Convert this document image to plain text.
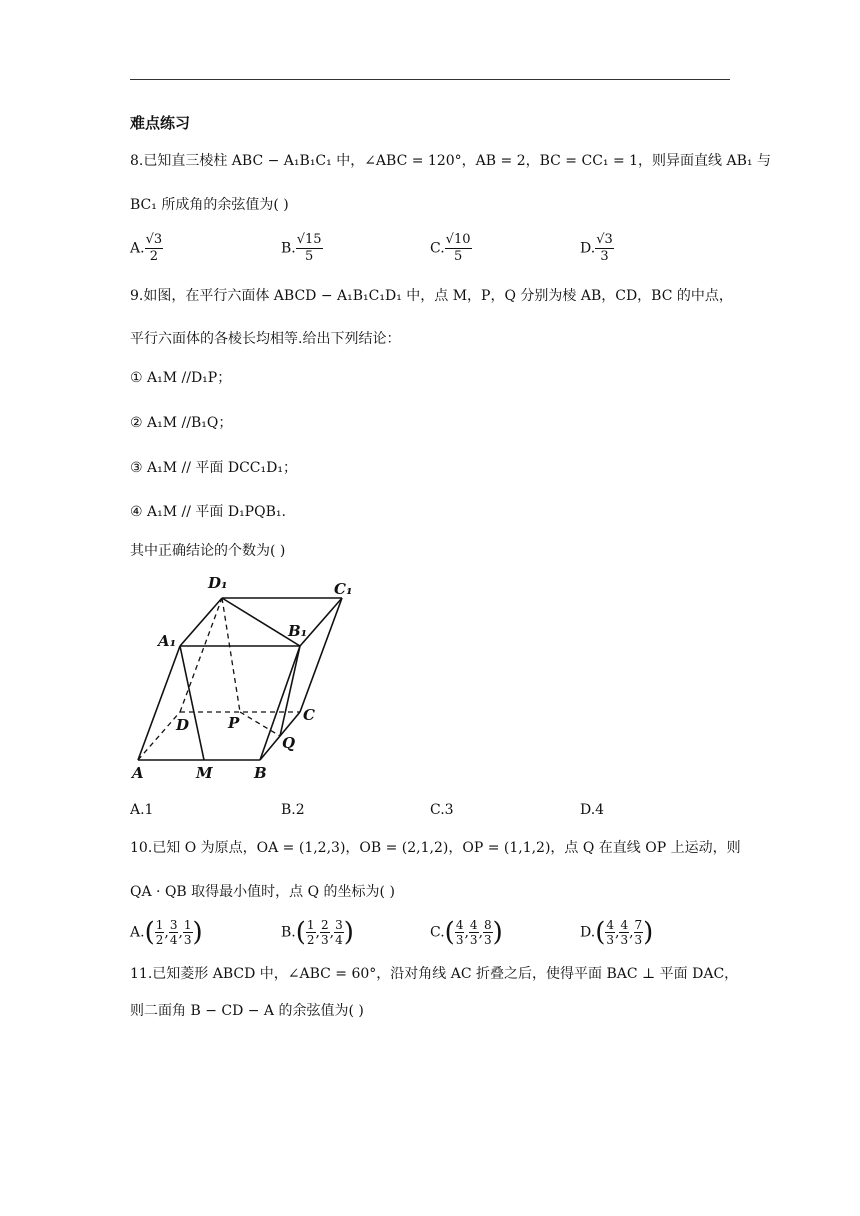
难点练习
8.已知直三棱柱 ABC − A₁B₁C₁ 中，∠ABC = 120°，AB = 2，BC = CC₁ = 1，则异面直线 AB₁ 与
BC₁ 所成角的余弦值为( )
A. $\frac{√3}{2}$	B. $\frac{√15}{5}$	C. $\frac{√10}{5}$	D. $\frac{√3}{3}$
9.如图，在平行六面体 ABCD − A₁B₁C₁D₁ 中，点 M，P，Q 分别为棱 AB，CD，BC 的中点，
平行六面体的各棱长均相等.给出下列结论：
① A₁M //D₁P；
② A₁M //B₁Q；
③ A₁M // 平面 DCC₁D₁；
④ A₁M // 平面 D₁PQB₁.
其中正确结论的个数为( )
D₁	C₁
A₁
B₁
D	P	C
Q
A	M	B
A.1	B.2	C.3	D.4
10.已知 O 为原点，OA = (1,2,3)，OB = (2,1,2)，OP = (1,1,2)，点 Q 在直线 OP 上运动，则
QA · QB 取得最小值时，点 Q 的坐标为( )
$A.( \frac{1}{2}$, $\frac{3}{4}$, $\frac{1}{3}$)	$B.( \frac{1}{2}$, $\frac{2}{3}$, $\frac{3}{4}$)	$C.( \frac{4}{3}$, $\frac{4}{3}$, $\frac{8}{3}$)	$D.( \frac{4}{3}$, $\frac{4}{3}$, $\frac{7}{3}$)
11.已知菱形 ABCD 中，∠ABC = 60°，沿对角线 AC 折叠之后，使得平面 BAC ⊥ 平面 DAC，
则二面角 B − CD − A 的余弦值为( )
